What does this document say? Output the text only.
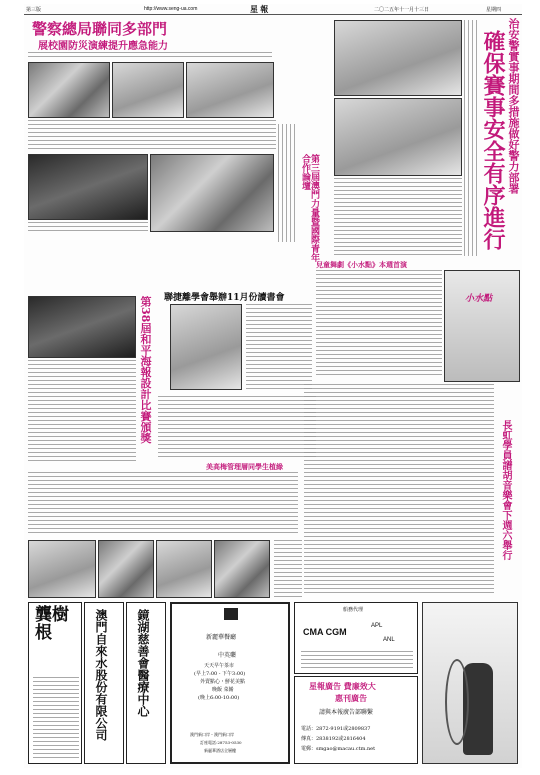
第三版	http://www.seng-ua.com	星 報	二〇二五年十一月十三日	星期四
警察總局聯同多部門
展校園防災演練提升應急能力
第三屆澳門力量暨國際青年合作論壇	治安警實事期間多措施做好警力部署
確保賽事安全有序進行
兒童舞劇《小水點》本週首演
小水點
聯捷離學會舉辦11月份讀書會
第38屆和平海報設計比賽頒獎
美高梅管理層同學生植綠	長虹學員譜胡音樂會下週六舉行
龔樹根	澳門自來水股份有限公司 鏡湖慈善會醫療中心	新麗華餐廳
中英藥
天天早午茶市
(早上7:00 - 下午3:00)
外賣點心・鮮花美點
晚飯 菜餚
(晚上6:00-10:00)
澳門新口岸・澳門新口岸
訂座電話:28753-0530
新麗華酒店全層樓
船務代理
CMA CGM
APL
ANL
星報廣告 費廉效大
惠刊廣告
請與本報廣告部聯繫
電話：2872-9191或2809837
傳真：2838192或2816404
電郵：smgao@macau.ctm.net
